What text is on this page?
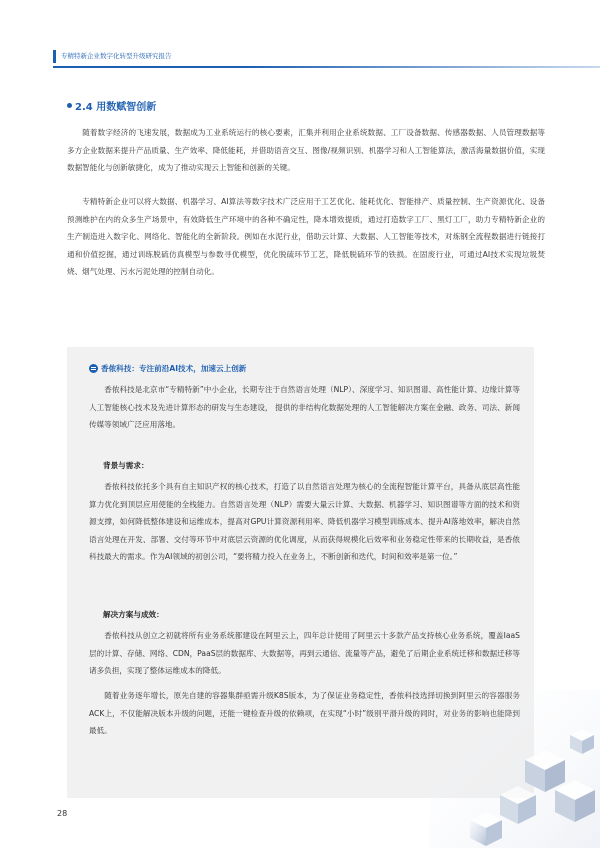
专精特新企业数字化转型升级研究报告
2.4 用数赋智创新

随着数字经济的飞速发展，数据成为工业系统运行的核心要素，汇集并利用企业系统数据、工厂设备数据、传感器数据、人员管理数据等多方企业数据来提升产品质量、生产效率、降低能耗，并借助语音交互、图像/视频识别、机器学习和人工智能算法，激活海量数据价值，实现数据智能化与创新敏捷化，成为了推动实现云上智能和创新的关键。

专精特新企业可以将大数据、机器学习、AI算法等数字技术广泛应用于工艺优化、能耗优化、智能排产、质量控制、生产资源优化、设备预测维护在内的众多生产场景中，有效降低生产环境中的各种不确定性，降本增效提质，通过打造数字工厂、黑灯工厂，助力专精特新企业的生产制造进入数字化、网络化、智能化的全新阶段。例如在水泥行业，借助云计算、大数据、人工智能等技术，对炼钢全流程数据进行链接打通和价值挖掘，通过训练脱硫仿真模型与参数寻优模型，优化脱硫环节工艺，降低脱硫环节的铁损。在固废行业，可通过AI技术实现垃圾焚烧、烟气处理、污水污泥处理的控制自动化。

香侬科技：专注前沿AI技术，加速云上创新

香侬科技是北京市“专精特新”中小企业，长期专注于自然语言处理（NLP）、深度学习、知识图谱、高性能计算、边缘计算等人工智能核心技术及先进计算形态的研发与生态建设， 提供的非结构化数据处理的人工智能解决方案在金融、政务、司法、新闻传媒等领域广泛应用落地。

背景与需求：

香侬科技依托多个具有自主知识产权的核心技术，打造了以自然语言处理为核心的全流程智能计算平台，具备从底层高性能算力优化到顶层应用使能的全栈能力。自然语言处理（NLP）需要大量云计算、大数据、机器学习、知识图谱等方面的技术和资源支撑，如何降低整体建设和运维成本，提高对GPU计算资源利用率、降低机器学习模型训练成本、提升AI落地效率，解决自然语言处理在开发、部署、交付等环节中对底层云资源的优化调度，从而获得规模化后效率和业务稳定性带来的长期收益，是香侬科技最大的需求。作为AI领域的初创公司，“要将精力投入在业务上，不断创新和迭代，时间和效率是第一位。”

解决方案与成效：

香侬科技从创立之初就将所有业务系统都建设在阿里云上，四年总计使用了阿里云十多款产品支持核心业务系统，覆盖IaaS层的计算、存储、网络、CDN，PaaS层的数据库、大数据等，再到云通信、流量等产品，避免了后期企业系统迁移和数据迁移等诸多负担，实现了整体运维成本的降低。

随着业务逐年增长，原先自建的容器集群亟需升级K8S版本，为了保证业务稳定性，香侬科技选择切换到阿里云的容器服务ACK上，不仅能解决版本升级的问题，还能一键检查升级的依赖项，在实现“小时”级别平滑升级的同时，对业务的影响也能降到最低。

28
